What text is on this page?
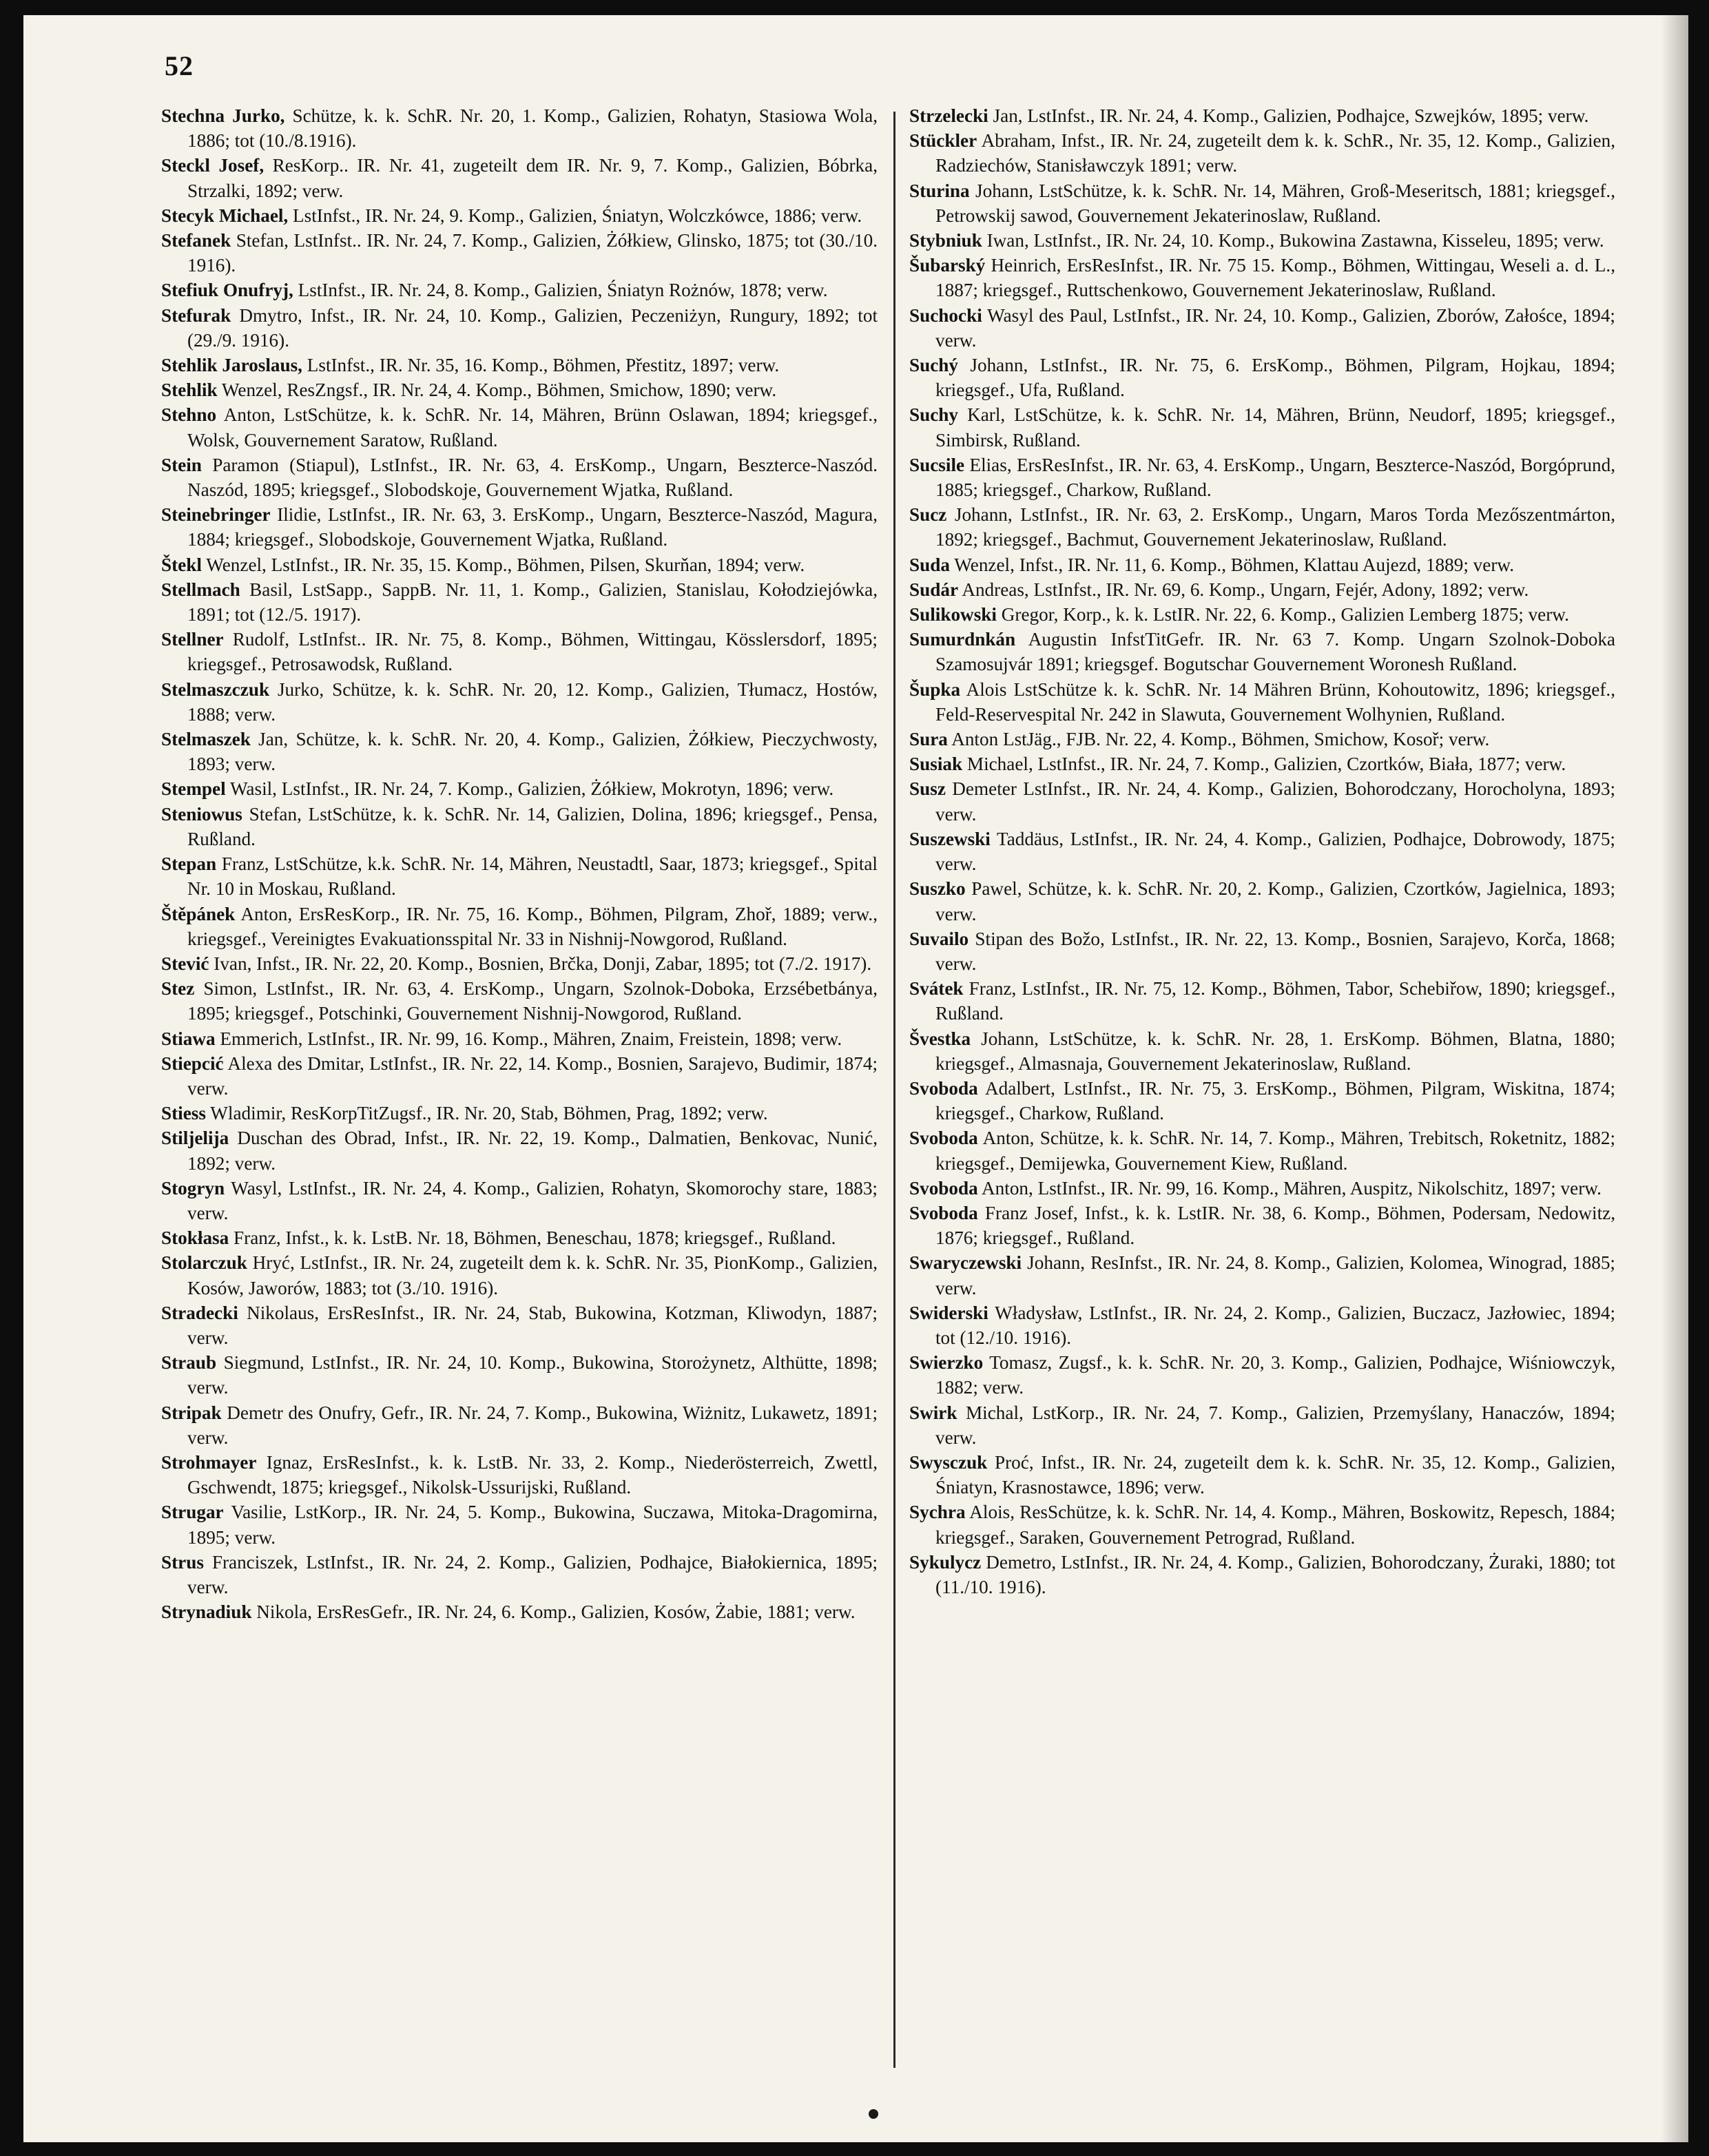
52

Stechna Jurko, Schütze, k. k. SchR. Nr. 20, 1. Komp., Galizien, Rohatyn, Stasiowa Wola, 1886; tot (10./8.1916).

Steckl Josef, ResKorp.. IR. Nr. 41, zugeteilt dem IR. Nr. 9, 7. Komp., Galizien, Bóbrka, Strzalki, 1892; verw.

Stecyk Michael, LstInfst., IR. Nr. 24, 9. Komp., Galizien, Śniatyn, Wolczkówce, 1886; verw.

Stefanek Stefan, LstInfst.. IR. Nr. 24, 7. Komp., Galizien, Żółkiew, Glinsko, 1875; tot (30./10. 1916).

Stefiuk Onufryj, LstInfst., IR. Nr. 24, 8. Komp., Galizien, Śniatyn Rożnów, 1878; verw.

Stefurak Dmytro, Infst., IR. Nr. 24, 10. Komp., Galizien, Peczeniżyn, Rungury, 1892; tot (29./9. 1916).

Stehlik Jaroslaus, LstInfst., IR. Nr. 35, 16. Komp., Böhmen, Přestitz, 1897; verw.

Stehlik Wenzel, ResZngsf., IR. Nr. 24, 4. Komp., Böhmen, Smichow, 1890; verw.

Stehno Anton, LstSchütze, k. k. SchR. Nr. 14, Mähren, Brünn Oslawan, 1894; kriegsgef., Wolsk, Gouvernement Saratow, Rußland.

Stein Paramon (Stiapul), LstInfst., IR. Nr. 63, 4. ErsKomp., Ungarn, Beszterce-Naszód. Naszód, 1895; kriegsgef., Slobodskoje, Gouvernement Wjatka, Rußland.

Steinebringer Ilidie, LstInfst., IR. Nr. 63, 3. ErsKomp., Ungarn, Beszterce-Naszód, Magura, 1884; kriegsgef., Slobodskoje, Gouvernement Wjatka, Rußland.

Štekl Wenzel, LstInfst., IR. Nr. 35, 15. Komp., Böhmen, Pilsen, Skurňan, 1894; verw.

Stellmach Basil, LstSapp., SappB. Nr. 11, 1. Komp., Galizien, Stanislau, Kołodziejówka, 1891; tot (12./5. 1917).

Stellner Rudolf, LstInfst.. IR. Nr. 75, 8. Komp., Böhmen, Wittingau, Kösslersdorf, 1895; kriegsgef., Petrosawodsk, Rußland.

Stelmaszczuk Jurko, Schütze, k. k. SchR. Nr. 20, 12. Komp., Galizien, Tłumacz, Hostów, 1888; verw.

Stelmaszek Jan, Schütze, k. k. SchR. Nr. 20, 4. Komp., Galizien, Żółkiew, Pieczychwosty, 1893; verw.

Stempel Wasil, LstInfst., IR. Nr. 24, 7. Komp., Galizien, Żółkiew, Mokrotyn, 1896; verw.

Steniowus Stefan, LstSchütze, k. k. SchR. Nr. 14, Galizien, Dolina, 1896; kriegsgef., Pensa, Rußland.

Stepan Franz, LstSchütze, k.k. SchR. Nr. 14, Mähren, Neustadtl, Saar, 1873; kriegsgef., Spital Nr. 10 in Moskau, Rußland.

Štěpánek Anton, ErsResKorp., IR. Nr. 75, 16. Komp., Böhmen, Pilgram, Zhoř, 1889; verw., kriegsgef., Vereinigtes Evakuationsspital Nr. 33 in Nishnij-Nowgorod, Rußland.

Stević Ivan, Infst., IR. Nr. 22, 20. Komp., Bosnien, Brčka, Donji, Zabar, 1895; tot (7./2. 1917).

Stez Simon, LstInfst., IR. Nr. 63, 4. ErsKomp., Ungarn, Szolnok-Doboka, Erzsébetbánya, 1895; kriegsgef., Potschinki, Gouvernement Nishnij-Nowgorod, Rußland.

Stiawa Emmerich, LstInfst., IR. Nr. 99, 16. Komp., Mähren, Znaim, Freistein, 1898; verw.

Stiepcić Alexa des Dmitar, LstInfst., IR. Nr. 22, 14. Komp., Bosnien, Sarajevo, Budimir, 1874; verw.

Stiess Wladimir, ResKorpTitZugsf., IR. Nr. 20, Stab, Böhmen, Prag, 1892; verw.

Stiljelija Duschan des Obrad, Infst., IR. Nr. 22, 19. Komp., Dalmatien, Benkovac, Nunić, 1892; verw.

Stogryn Wasyl, LstInfst., IR. Nr. 24, 4. Komp., Galizien, Rohatyn, Skomorochy stare, 1883; verw.

Stokłasa Franz, Infst., k. k. LstB. Nr. 18, Böhmen, Beneschau, 1878; kriegsgef., Rußland.

Stolarczuk Hryć, LstInfst., IR. Nr. 24, zugeteilt dem k. k. SchR. Nr. 35, PionKomp., Galizien, Kosów, Jaworów, 1883; tot (3./10. 1916).

Stradecki Nikolaus, ErsResInfst., IR. Nr. 24, Stab, Bukowina, Kotzman, Kliwodyn, 1887; verw.

Straub Siegmund, LstInfst., IR. Nr. 24, 10. Komp., Bukowina, Storożynetz, Althütte, 1898; verw.

Stripak Demetr des Onufry, Gefr., IR. Nr. 24, 7. Komp., Bukowina, Wiżnitz, Lukawetz, 1891; verw.

Strohmayer Ignaz, ErsResInfst., k. k. LstB. Nr. 33, 2. Komp., Niederösterreich, Zwettl, Gschwendt, 1875; kriegsgef., Nikolsk-Ussurijski, Rußland.

Strugar Vasilie, LstKorp., IR. Nr. 24, 5. Komp., Bukowina, Suczawa, Mitoka-Dragomirna, 1895; verw.

Strus Franciszek, LstInfst., IR. Nr. 24, 2. Komp., Galizien, Podhajce, Białokiernica, 1895; verw.

Strynadiuk Nikola, ErsResGefr., IR. Nr. 24, 6. Komp., Galizien, Kosów, Żabie, 1881; verw.

Strzelecki Jan, LstInfst., IR. Nr. 24, 4. Komp., Galizien, Podhajce, Szwejków, 1895; verw.

Stückler Abraham, Infst., IR. Nr. 24, zugeteilt dem k. k. SchR., Nr. 35, 12. Komp., Galizien, Radziechów, Stanisławczyk 1891; verw.

Sturina Johann, LstSchütze, k. k. SchR. Nr. 14, Mähren, Groß-Meseritsch, 1881; kriegsgef., Petrowskij sawod, Gouvernement Jekaterinoslaw, Rußland.

Stybniuk Iwan, LstInfst., IR. Nr. 24, 10. Komp., Bukowina Zastawna, Kisseleu, 1895; verw.

Šubarský Heinrich, ErsResInfst., IR. Nr. 75 15. Komp., Böhmen, Wittingau, Weseli a. d. L., 1887; kriegsgef., Ruttschenkowo, Gouvernement Jekaterinoslaw, Rußland.

Suchocki Wasyl des Paul, LstInfst., IR. Nr. 24, 10. Komp., Galizien, Zborów, Załośce, 1894; verw.

Suchý Johann, LstInfst., IR. Nr. 75, 6. ErsKomp., Böhmen, Pilgram, Hojkau, 1894; kriegsgef., Ufa, Rußland.

Suchy Karl, LstSchütze, k. k. SchR. Nr. 14, Mähren, Brünn, Neudorf, 1895; kriegsgef., Simbirsk, Rußland.

Sucsile Elias, ErsResInfst., IR. Nr. 63, 4. ErsKomp., Ungarn, Beszterce-Naszód, Borgóprund, 1885; kriegsgef., Charkow, Rußland.

Sucz Johann, LstInfst., IR. Nr. 63, 2. ErsKomp., Ungarn, Maros Torda Mezőszentmárton, 1892; kriegsgef., Bachmut, Gouvernement Jekaterinoslaw, Rußland.

Suda Wenzel, Infst., IR. Nr. 11, 6. Komp., Böhmen, Klattau Aujezd, 1889; verw.

Sudár Andreas, LstInfst., IR. Nr. 69, 6. Komp., Ungarn, Fejér, Adony, 1892; verw.

Sulikowski Gregor, Korp., k. k. LstIR. Nr. 22, 6. Komp., Galizien Lemberg 1875; verw.

Sumurdnkán Augustin InfstTitGefr. IR. Nr. 63 7. Komp. Ungarn Szolnok-Doboka Szamosujvár 1891; kriegsgef. Bogutschar Gouvernement Woronesh Rußland.

Šupka Alois LstSchütze k. k. SchR. Nr. 14 Mähren Brünn, Kohoutowitz, 1896; kriegsgef., Feld-Reservespital Nr. 242 in Slawuta, Gouvernement Wolhynien, Rußland.

Sura Anton LstJäg., FJB. Nr. 22, 4. Komp., Böhmen, Smichow, Kosoř; verw.

Susiak Michael, LstInfst., IR. Nr. 24, 7. Komp., Galizien, Czortków, Biała, 1877; verw.

Susz Demeter LstInfst., IR. Nr. 24, 4. Komp., Galizien, Bohorodczany, Horocholyna, 1893; verw.

Suszewski Taddäus, LstInfst., IR. Nr. 24, 4. Komp., Galizien, Podhajce, Dobrowody, 1875; verw.

Suszko Pawel, Schütze, k. k. SchR. Nr. 20, 2. Komp., Galizien, Czortków, Jagielnica, 1893; verw.

Suvailo Stipan des Božo, LstInfst., IR. Nr. 22, 13. Komp., Bosnien, Sarajevo, Korča, 1868; verw.

Svátek Franz, LstInfst., IR. Nr. 75, 12. Komp., Böhmen, Tabor, Schebiřow, 1890; kriegsgef., Rußland.

Švestka Johann, LstSchütze, k. k. SchR. Nr. 28, 1. ErsKomp. Böhmen, Blatna, 1880; kriegsgef., Almasnaja, Gouvernement Jekaterinoslaw, Rußland.

Svoboda Adalbert, LstInfst., IR. Nr. 75, 3. ErsKomp., Böhmen, Pilgram, Wiskitna, 1874; kriegsgef., Charkow, Rußland.

Svoboda Anton, Schütze, k. k. SchR. Nr. 14, 7. Komp., Mähren, Trebitsch, Roketnitz, 1882; kriegsgef., Demijewka, Gouvernement Kiew, Rußland.

Svoboda Anton, LstInfst., IR. Nr. 99, 16. Komp., Mähren, Auspitz, Nikolschitz, 1897; verw.

Svoboda Franz Josef, Infst., k. k. LstIR. Nr. 38, 6. Komp., Böhmen, Podersam, Nedowitz, 1876; kriegsgef., Rußland.

Swaryczewski Johann, ResInfst., IR. Nr. 24, 8. Komp., Galizien, Kolomea, Winograd, 1885; verw.

Swiderski Władysław, LstInfst., IR. Nr. 24, 2. Komp., Galizien, Buczacz, Jazłowiec, 1894; tot (12./10. 1916).

Swierzko Tomasz, Zugsf., k. k. SchR. Nr. 20, 3. Komp., Galizien, Podhajce, Wiśniowczyk, 1882; verw.

Swirk Michal, LstKorp., IR. Nr. 24, 7. Komp., Galizien, Przemyślany, Hanaczów, 1894; verw.

Swysczuk Proć, Infst., IR. Nr. 24, zugeteilt dem k. k. SchR. Nr. 35, 12. Komp., Galizien, Śniatyn, Krasnostawce, 1896; verw.

Sychra Alois, ResSchütze, k. k. SchR. Nr. 14, 4. Komp., Mähren, Boskowitz, Repesch, 1884; kriegsgef., Saraken, Gouvernement Petrograd, Rußland.

Sykulycz Demetro, LstInfst., IR. Nr. 24, 4. Komp., Galizien, Bohorodczany, Żuraki, 1880; tot (11./10. 1916).
